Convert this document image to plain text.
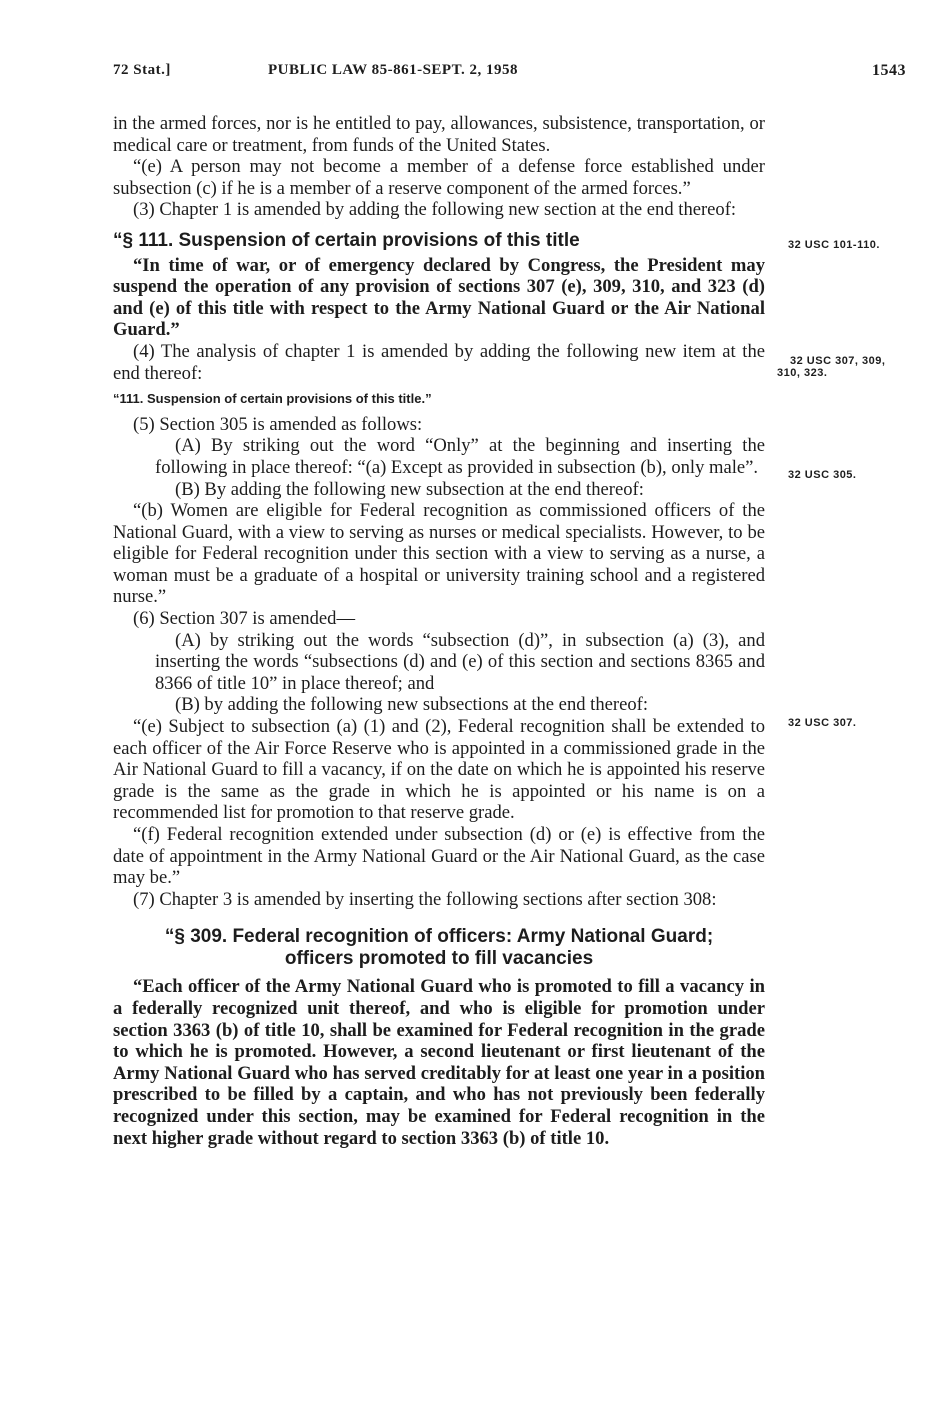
72 Stat.]	PUBLIC LAW 85-861-SEPT. 2, 1958	1543
32 USC 101-110.
32 USC 307, 309,
310, 323.
32 USC 305.
32 USC 307.

in the armed forces, nor is he entitled to pay, allowances, subsistence, transportation, or medical care or treatment, from funds of the United States.

“(e) A person may not become a member of a defense force established under subsection (c) if he is a member of a reserve component of the armed forces.”

(3) Chapter 1 is amended by adding the following new section at the end thereof:

“§ 111. Suspension of certain provisions of this title

“In time of war, or of emergency declared by Congress, the President may suspend the operation of any provision of sections 307 (e), 309, 310, and 323 (d) and (e) of this title with respect to the Army National Guard or the Air National Guard.”

(4) The analysis of chapter 1 is amended by adding the following new item at the end thereof:

“111. Suspension of certain provisions of this title.”

(5) Section 305 is amended as follows:

(A) By striking out the word “Only” at the beginning and inserting the following in place thereof: “(a) Except as provided in subsection (b), only male”.

(B) By adding the following new subsection at the end thereof:

“(b) Women are eligible for Federal recognition as commissioned officers of the National Guard, with a view to serving as nurses or medical specialists. However, to be eligible for Federal recognition under this section with a view to serving as a nurse, a woman must be a graduate of a hospital or university training school and a registered nurse.”

(6) Section 307 is amended—

(A) by striking out the words “subsection (d)”, in subsection (a) (3), and inserting the words “subsections (d) and (e) of this section and sections 8365 and 8366 of title 10” in place thereof; and

(B) by adding the following new subsections at the end thereof:

“(e) Subject to subsection (a) (1) and (2), Federal recognition shall be extended to each officer of the Air Force Reserve who is appointed in a commissioned grade in the Air National Guard to fill a vacancy, if on the date on which he is appointed his reserve grade is the same as the grade in which he is appointed or his name is on a recommended list for promotion to that reserve grade.

“(f) Federal recognition extended under subsection (d) or (e) is effective from the date of appointment in the Army National Guard or the Air National Guard, as the case may be.”

(7) Chapter 3 is amended by inserting the following sections after section 308:

“§ 309. Federal recognition of officers: Army National Guard;
officers promoted to fill vacancies

“Each officer of the Army National Guard who is promoted to fill a vacancy in a federally recognized unit thereof, and who is eligible for promotion under section 3363 (b) of title 10, shall be examined for Federal recognition in the grade to which he is promoted. However, a second lieutenant or first lieutenant of the Army National Guard who has served creditably for at least one year in a position prescribed to be filled by a captain, and who has not previously been federally recognized under this section, may be examined for Federal recognition in the next higher grade without regard to section 3363 (b) of title 10.
